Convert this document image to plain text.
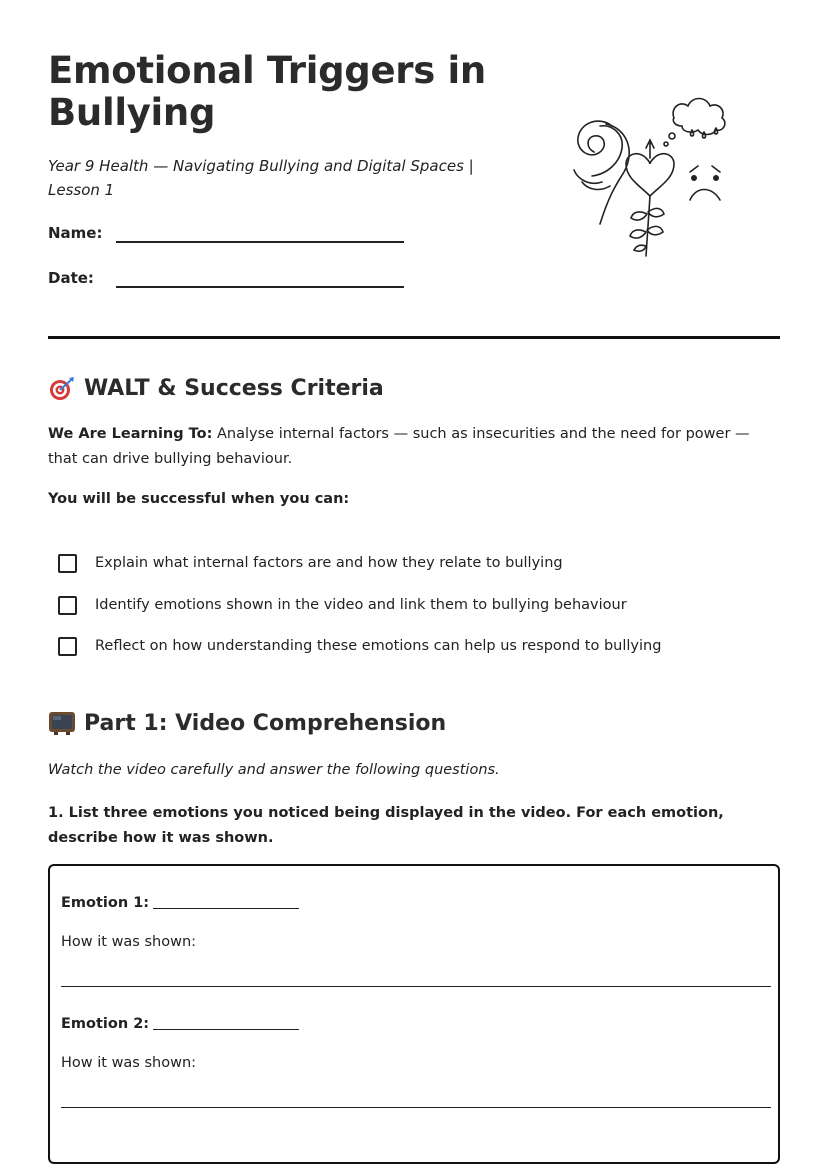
Emotional Triggers in Bullying

Year 9 Health — Navigating Bullying and Digital Spaces | Lesson 1

Name:
Date:
WALT & Success Criteria

We Are Learning To: Analyse internal factors — such as insecurities and the need for power — that can drive bullying behaviour.

You will be successful when you can:

Explain what internal factors are and how they relate to bullying
Identify emotions shown in the video and link them to bullying behaviour
Reflect on how understanding these emotions can help us respond to bullying
Part 1: Video Comprehension

Watch the video carefully and answer the following questions.

1. List three emotions you noticed being displayed in the video. For each emotion, describe how it was shown.

Emotion 1:
How it was shown:
Emotion 2:
How it was shown:
